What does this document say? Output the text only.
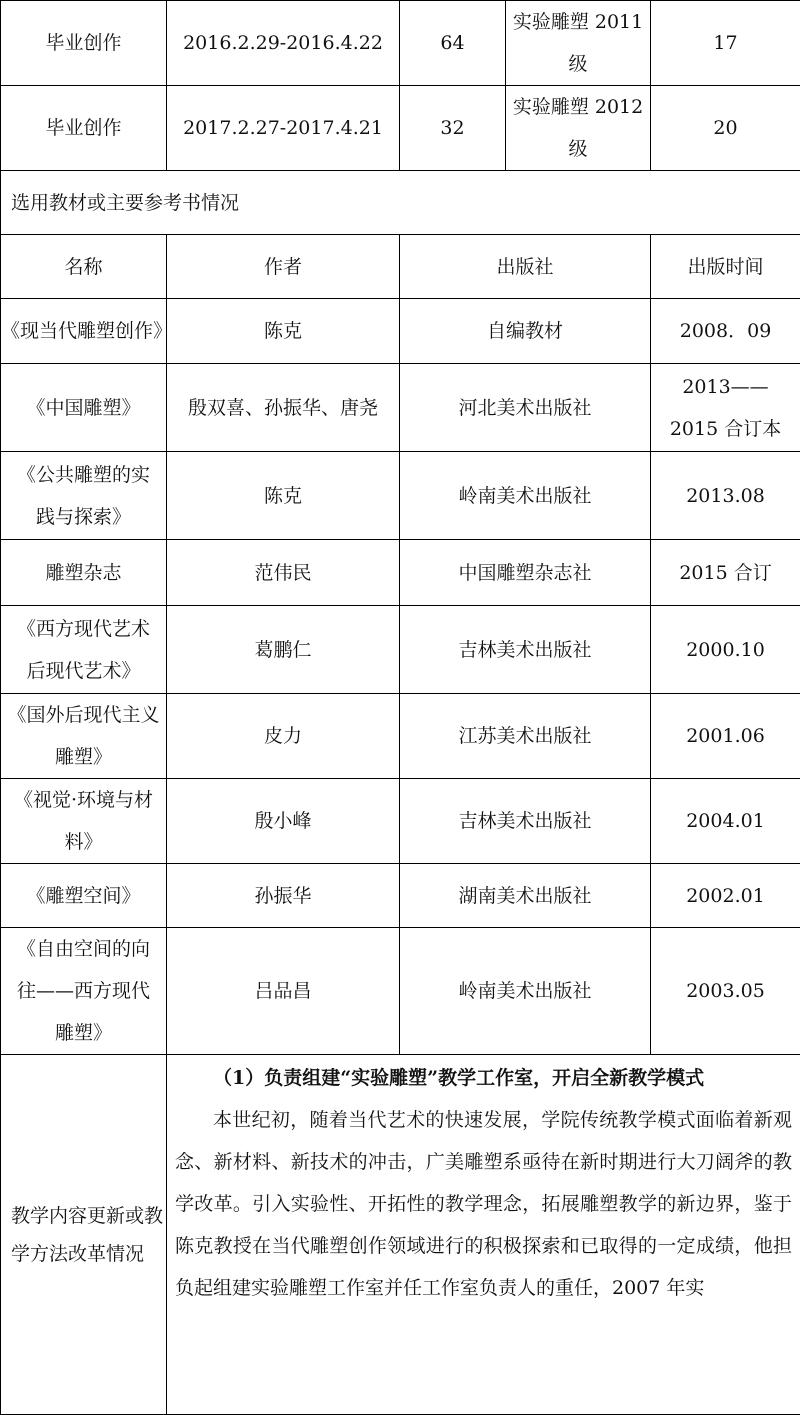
毕业创作	2016.2.29-2016.4.22	64	实验雕塑 2011 级	17
毕业创作	2017.2.27-2017.4.21	32	实验雕塑 2012 级	20
选用教材或主要参考书情况				
名称	作者	出版社		出版时间
《现当代雕塑创作》	陈克	自编教材		2008．09
《中国雕塑》	殷双喜、孙振华、唐尧	河北美术出版社		2013——2015 合订本
《公共雕塑的实践与探索》	陈克	岭南美术出版社		2013.08
雕塑杂志	范伟民	中国雕塑杂志社		2015 合订
《西方现代艺术 后现代艺术》	葛鹏仁	吉林美术出版社		2000.10
《国外后现代主义雕塑》	皮力	江苏美术出版社		2001.06
《视觉·环境与材料》	殷小峰	吉林美术出版社		2004.01
《雕塑空间》	孙振华	湖南美术出版社		2002.01
《自由空间的向往——西方现代雕塑》	吕品昌	岭南美术出版社		2003.05
教学内容更新或教学方法改革情况	（1）负责组建“实验雕塑”教学工作室，开启全新教学模式

本世纪初，随着当代艺术的快速发展，学院传统教学模式面临着新观念、新材料、新技术的冲击，广美雕塑系亟待在新时期进行大刀阔斧的教学改革。引入实验性、开拓性的教学理念，拓展雕塑教学的新边界，鉴于陈克教授在当代雕塑创作领域进行的积极探索和已取得的一定成绩，他担负起组建实验雕塑工作室并任工作室负责人的重任，2007 年实			
